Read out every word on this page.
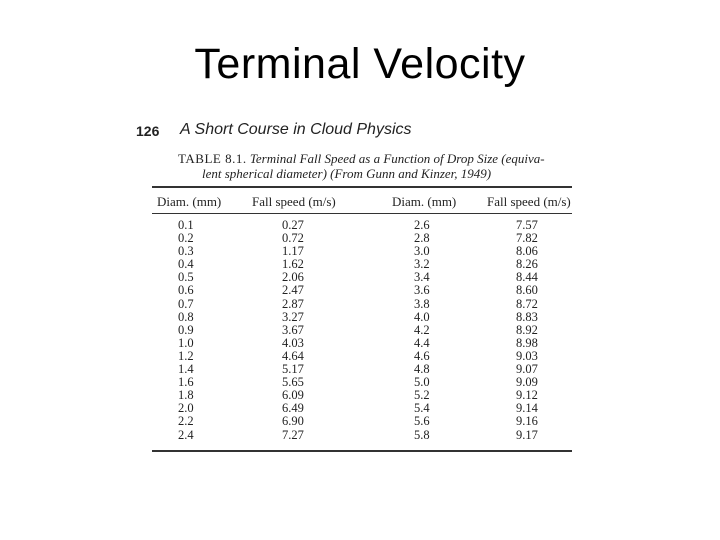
Terminal Velocity
126 A Short Course in Cloud Physics
TABLE 8.1. Terminal Fall Speed as a Function of Drop Size (equiva-
lent spherical diameter) (From Gunn and Kinzer, 1949)
Diam. (mm) Fall speed (m/s)	Diam. (mm) Fall speed (m/s)
0.1
0.2
0.3
0.4
0.5
0.6
0.7
0.8
0.9
1.0
1.2
1.4
1.6
1.8
2.0
2.2
2.4
0.27
0.72
1.17
1.62
2.06
2.47
2.87
3.27
3.67
4.03
4.64
5.17
5.65
6.09
6.49
6.90
7.27
2.6
2.8
3.0
3.2
3.4
3.6
3.8
4.0
4.2
4.4
4.6
4.8
5.0
5.2
5.4
5.6
5.8
7.57
7.82
8.06
8.26
8.44
8.60
8.72
8.83
8.92
8.98
9.03
9.07
9.09
9.12
9.14
9.16
9.17
